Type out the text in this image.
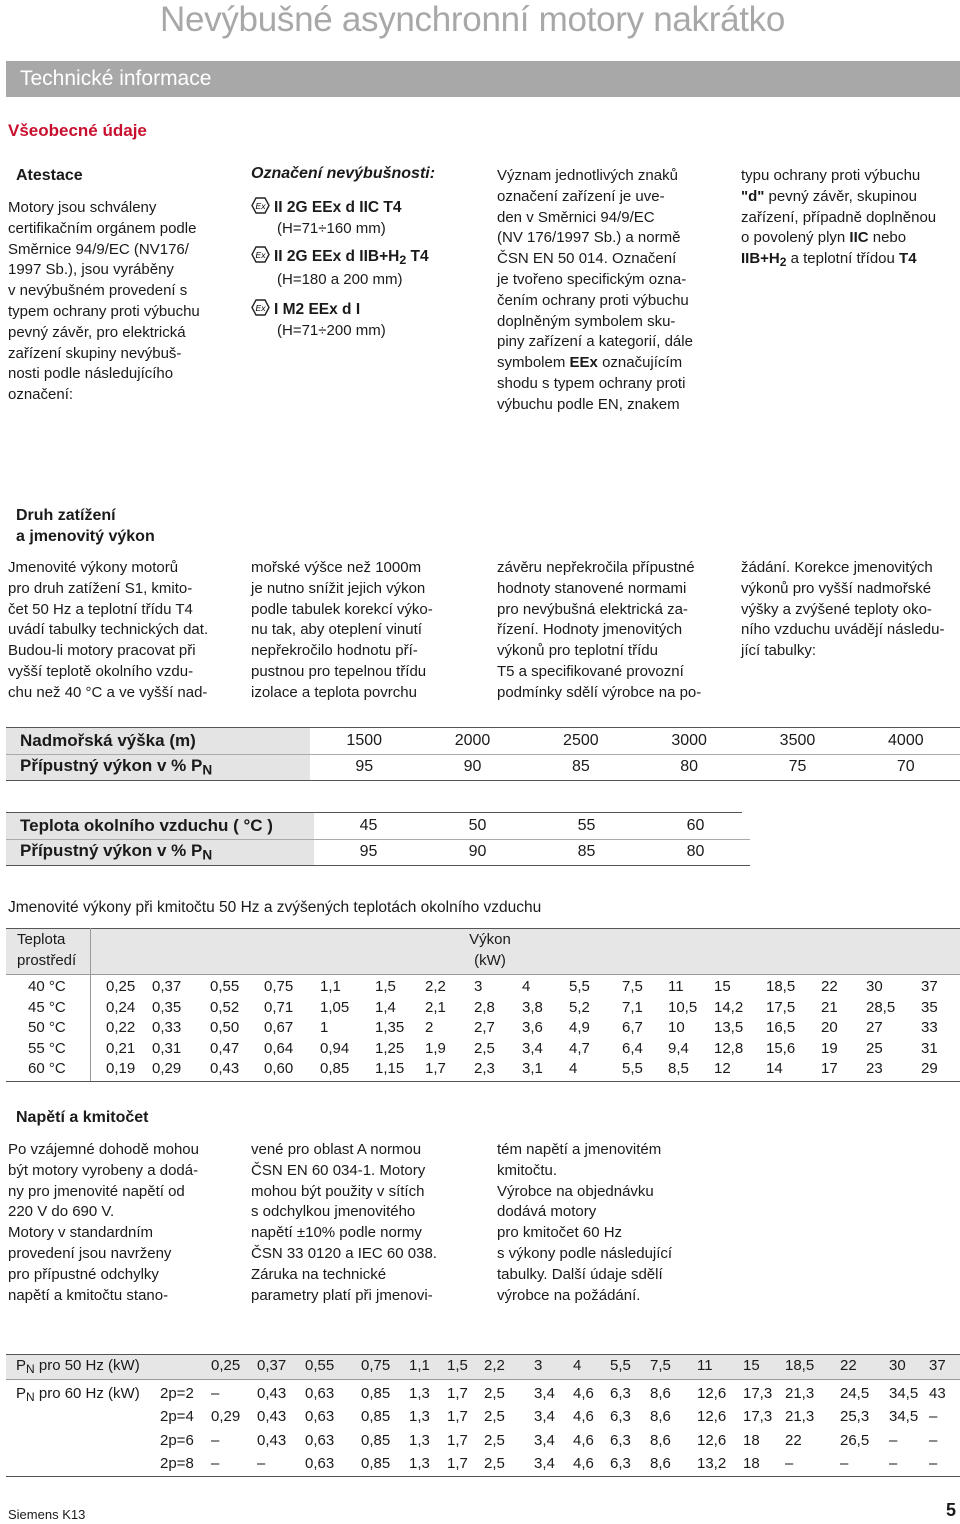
Nevýbušné asynchronní motory nakrátko
Technické informace
Všeobecné údaje
Atestace
Motory jsou schváleny
certifikačním orgánem podle
Směrnice 94/9/EC (NV176/
1997 Sb.), jsou vyráběny
v nevýbušném provedení s
typem ochrany proti výbuchu
pevný závěr, pro elektrická
zařízení skupiny nevýbuš-
nosti podle následujícího
označení:
Označení nevýbušnosti:
Ex II 2G EEx d IIC T4
(H=71÷160 mm)
Ex II 2G EEx d $IIB+H_2$ T4
(H=180 a 200 mm)
Ex I M2 EEx d I
(H=71÷200 mm)
Význam jednotlivých znaků
označení zařízení je uve-
den v Směrnici 94/9/EC
(NV 176/1997 Sb.) a normě
ČSN EN 50 014. Označení
je tvořeno specifickým ozna-
čením ochrany proti výbuchu
doplněným symbolem sku-
piny zařízení a kategorií, dále
symbolem EEx označujícím
shodu s typem ochrany proti
výbuchu podle EN, znakem
typu ochrany proti výbuchu
"d" pevný závěr, skupinou
zařízení, případně doplněnou
o povolený plyn IIC nebo
$IIB+H_2$ a teplotní třídou T4
Druh zatížení
a jmenovitý výkon
Jmenovité výkony motorů
pro druh zatížení S1, kmito-
čet 50 Hz a teplotní třídu T4
uvádí tabulky technických dat.
Budou-li motory pracovat při
vyšší teplotě okolního vzdu-
chu než 40 °C a ve vyšší nad-
mořské výšce než 1000m
je nutno snížit jejich výkon
podle tabulek korekcí výko-
nu tak, aby oteplení vinutí
nepřekročilo hodnotu pří-
pustnou pro tepelnou třídu
izolace a teplota povrchu
závěru nepřekročila přípustné
hodnoty stanovené normami
pro nevýbušná elektrická za-
řízení. Hodnoty jmenovitých
výkonů pro teplotní třídu
T5 a specifikované provozní
podmínky sdělí výrobce na po-
žádání. Korekce jmenovitých
výkonů pro vyšší nadmořské
výšky a zvýšené teploty oko-
ního vzduchu uvádějí následu-
jící tabulky:
Nadmořská výška (m)	1500	2000	2500	3000	3500	4000
Přípustný výkon v % $P_N$	95	90	85	80	75	70
Teplota okolního vzduchu ( °C )	45	50	55	60
Přípustný výkon v % $P_N$	95	90	85	80
Jmenovité výkony při kmitočtu 50 Hz a zvýšených teplotách okolního vzduchu
Teplota
prostředí
Výkon
(kW)
40 °C	0,25 0,37 0,55 0,75 1,1 1,5 2,2 3	4	5,5 7,5 11 15 18,5 22 30	37
45 °C	0,24 0,35 0,52 0,71 1,05 1,4 2,1 2,8 3,8 5,2 7,1 10,5 14,2 17,5 21 28,5 35
50 °C	0,22 0,33 0,50 0,67 1	1,35 2	2,7 3,6 4,9 6,7 10 13,5 16,5 20 27	33
55 °C	0,21 0,31 0,47 0,64 0,94 1,25 1,9 2,5 3,4 4,7 6,4 9,4 12,8 15,6 19 25	31
60 °C	0,19 0,29 0,43 0,60 0,85 1,15 1,7 2,3 3,1 4	5,5 8,5 12 14	17 23	29
Napětí a kmitočet
Po vzájemné dohodě mohou
být motory vyrobeny a dodá-
ny pro jmenovité napětí od
220 V do 690 V.
Motory v standardním
provedení jsou navrženy
pro přípustné odchylky
napětí a kmitočtu stano-
vené pro oblast A normou
ČSN EN 60 034-1. Motory
mohou být použity v sítích
s odchylkou jmenovitého
napětí ±10% podle normy
ČSN 33 0120 a IEC 60 038.
Záruka na technické
parametry platí při jmenovi-
tém napětí a jmenovitém
kmitočtu.
Výrobce na objednávku
dodává motory
pro kmitočet 60 Hz
s výkony podle následující
tabulky. Další údaje sdělí
výrobce na požádání.
$P_N$ pro 50 Hz (kW)	0,25 0,37 0,55 0,75 1,1 1,5 2,2 3 4 5,5 7,5 11 15 18,5 22 30 37
$P_N$ pro 60 Hz (kW) 2p=2 –	0,43 0,63 0,85 1,3 1,7 2,5 3,4 4,6 6,3 8,6 12,6 17,3 21,3 24,5 34,5 43
2p=4 0,29 0,43 0,63 0,85 1,3 1,7 2,5 3,4 4,6 6,3 8,6 12,6 17,3 21,3 25,3 34,5 –
2p=6 –	0,43 0,63 0,85 1,3 1,7 2,5 3,4 4,6 6,3 8,6 12,6 18 22	26,5 – –
2p=8 –	–	0,63 0,85 1,3 1,7 2,5 3,4 4,6 6,3 8,6 13,2 18 –	–	– –
Siemens K13	5
